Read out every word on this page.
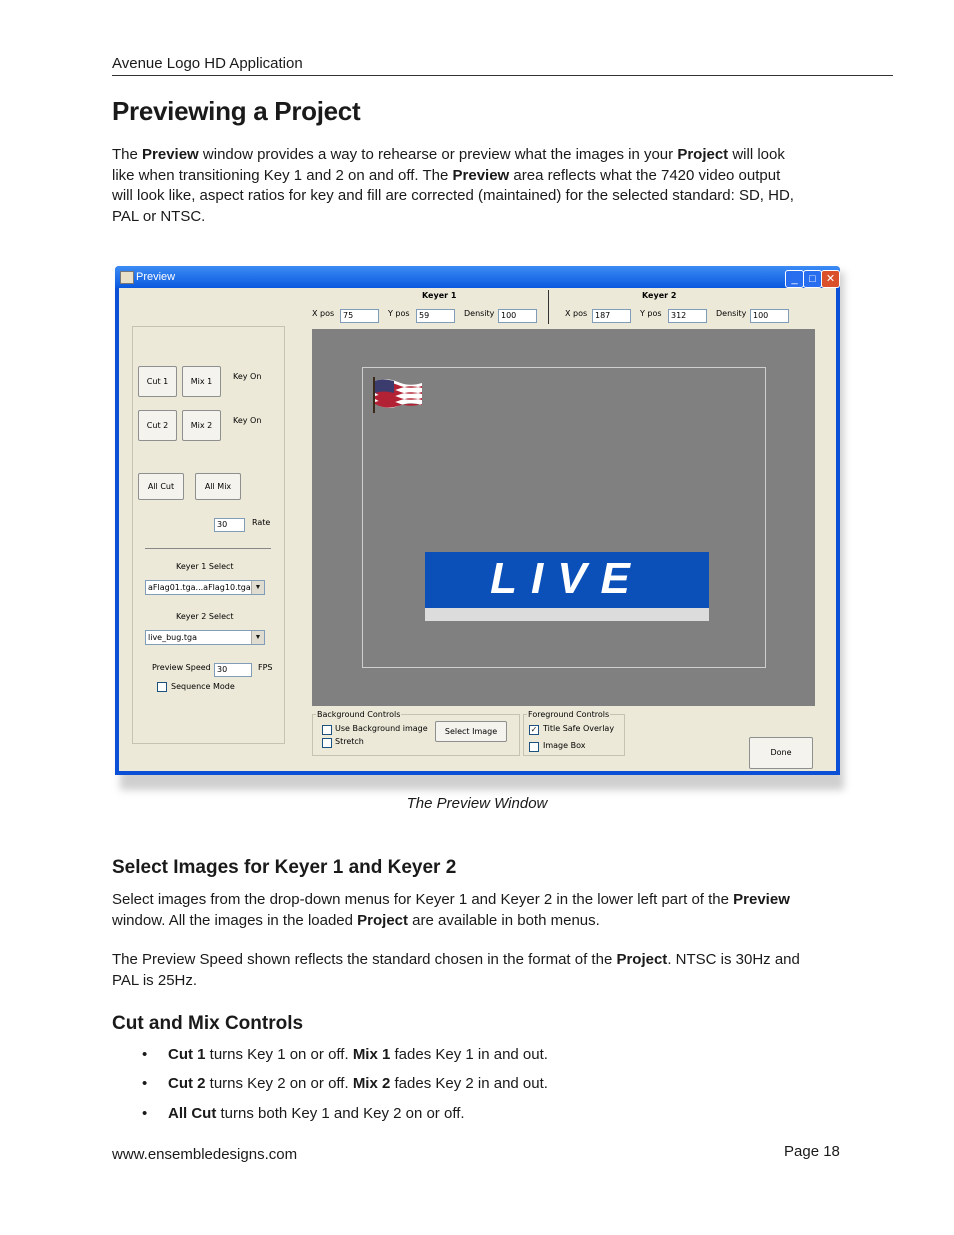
Avenue Logo HD Application
Previewing a Project
The Preview window provides a way to rehearse or preview what the images in your Project will look
like when transitioning Key 1 and 2 on and off. The Preview area reflects what the 7420 video output
will look like, aspect ratios for key and fill are corrected (maintained) for the selected standard: SD, HD,
PAL or NTSC.
Preview	_	□ ✕
Keyer 1	Keyer 2
X pos 75	Y pos 59	Density 100	X pos 187	Y pos 312	Density 100
Cut 1	Mix 1
Key On
Cut 2	Mix 2
Key On
All Cut	All Mix
30	Rate
Keyer 1 Select
aFlag01.tga...aFlag10.tga ▼
Keyer 2 Select
live_bug.tga	▼
Preview Speed 30	FPS
Sequence Mode
LIVE
Background Controls
Use Background image
Stretch
Select Image
Foreground Controls
✓ Title Safe Overlay
Image Box
Done
The Preview Window
Select Images for Keyer 1 and Keyer 2
Select images from the drop-down menus for Keyer 1 and Keyer 2 in the lower left part of the Preview
window. All the images in the loaded Project are available in both menus.
The Preview Speed shown reflects the standard chosen in the format of the Project. NTSC is 30Hz and
PAL is 25Hz.
Cut and Mix Controls
• Cut 1 turns Key 1 on or off. Mix 1 fades Key 1 in and out.
• Cut 2 turns Key 2 on or off. Mix 2 fades Key 2 in and out.
• All Cut turns both Key 1 and Key 2 on or off.
www.ensembledesigns.com	Page 18
